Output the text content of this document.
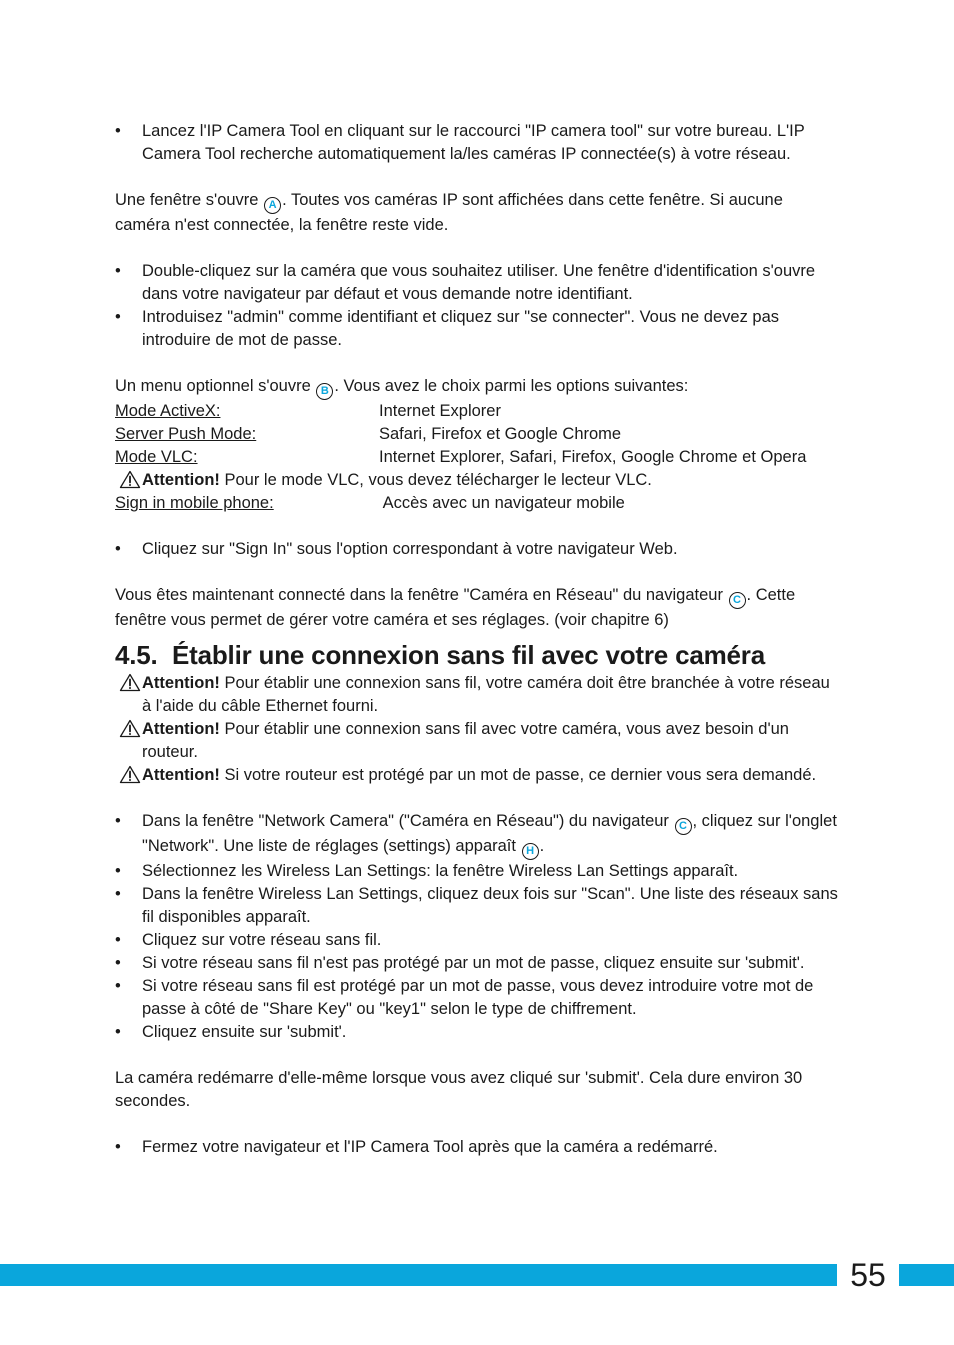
•	Lancez l'IP Camera Tool en cliquant sur le raccourci "IP camera tool" sur votre bureau. L'IP Camera Tool recherche automatiquement la/les caméras IP connectée(s) à votre réseau.

Une fenêtre s'ouvre A . Toutes vos caméras IP sont affichées dans cette fenêtre. Si aucune caméra n'est connectée, la fenêtre reste vide.

•	Double-cliquez sur la caméra que vous souhaitez utiliser. Une fenêtre d'identification s'ouvre dans votre navigateur par défaut et vous demande notre identifiant.
•	Introduisez "admin" comme identifiant et cliquez sur "se connecter". Vous ne devez pas introduire de mot de passe.

Un menu optionnel s'ouvre B . Vous avez le choix parmi les options suivantes:

Mode ActiveX:	Internet Explorer
Server Push Mode:	Safari, Firefox et Google Chrome
Mode VLC:	Internet Explorer, Safari, Firefox, Google Chrome et Opera
Attention! Pour le mode VLC, vous devez télécharger le lecteur VLC.
Sign in mobile phone:	Accès avec un navigateur mobile
•	Cliquez sur "Sign In" sous l'option correspondant à votre navigateur Web.

Vous êtes maintenant connecté dans la fenêtre "Caméra en Réseau" du navigateur C . Cette fenêtre vous permet de gérer votre caméra et ses réglages. (voir chapitre 6)

4.5. Établir une connexion sans fil avec votre caméra
Attention! Pour établir une connexion sans fil, votre caméra doit être branchée à votre réseau à l'aide du câble Ethernet fourni.
Attention! Pour établir une connexion sans fil avec votre caméra, vous avez besoin d'un routeur.
Attention! Si votre routeur est protégé par un mot de passe, ce dernier vous sera demandé.
•	Dans la fenêtre "Network Camera" ("Caméra en Réseau") du navigateur C , cliquez sur l'onglet "Network". Une liste de réglages (settings) apparaît H .
•	Sélectionnez les Wireless Lan Settings: la fenêtre Wireless Lan Settings apparaît.
•	Dans la fenêtre Wireless Lan Settings, cliquez deux fois sur "Scan". Une liste des réseaux sans fil disponibles apparaît.
•	Cliquez sur votre réseau sans fil.
•	Si votre réseau sans fil n'est pas protégé par un mot de passe, cliquez ensuite sur 'submit'.
•	Si votre réseau sans fil est protégé par un mot de passe, vous devez introduire votre mot de passe à côté de "Share Key" ou "key1" selon le type de chiffrement.
•	Cliquez ensuite sur 'submit'.

La caméra redémarre d'elle-même lorsque vous avez cliqué sur 'submit'. Cela dure environ 30 secondes.

•	Fermez votre navigateur et l'IP Camera Tool après que la caméra a redémarré.
55
